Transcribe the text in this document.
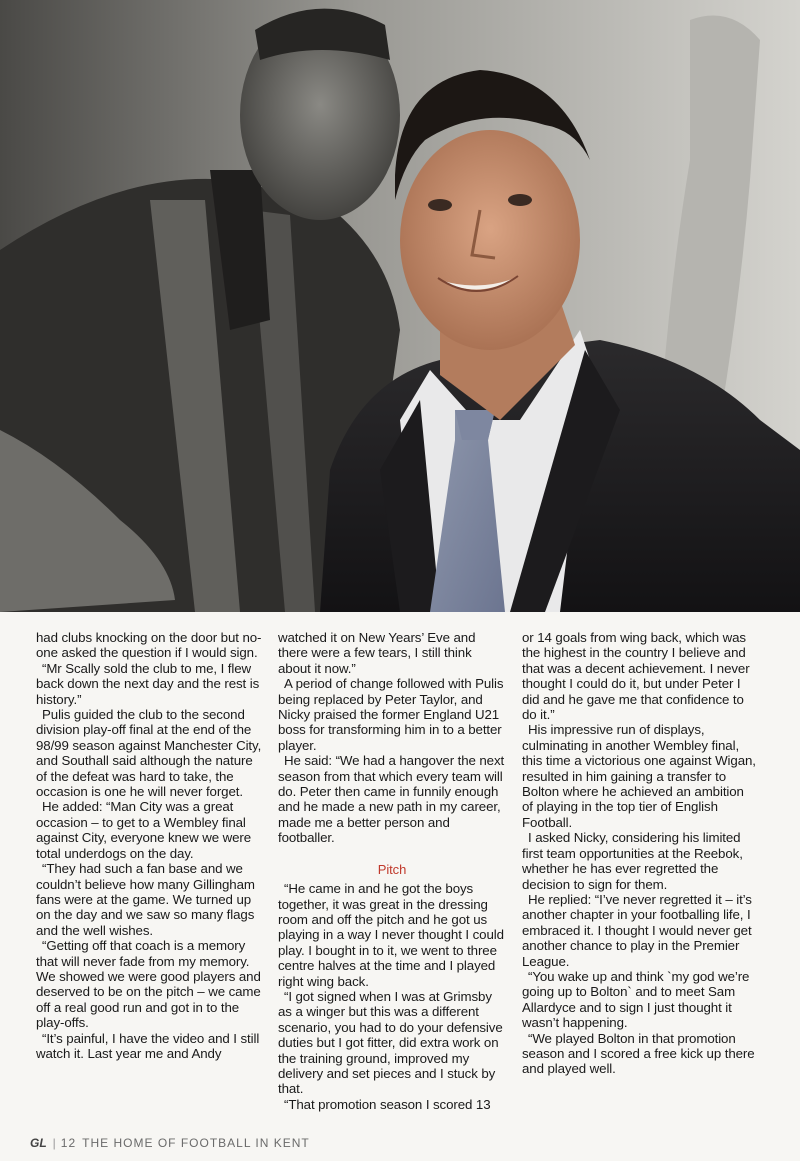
had clubs knocking on the door but no-one asked the question if I would sign.

“Mr Scally sold the club to me, I flew back down the next day and the rest is history.”

Pulis guided the club to the second division play-off final at the end of the 98/99 season against Manchester City, and Southall said although the nature of the defeat was hard to take, the occasion is one he will never forget.

He added: “Man City was a great occasion – to get to a Wembley final against City, everyone knew we were total underdogs on the day.

“They had such a fan base and we couldn’t believe how many Gillingham fans were at the game. We turned up on the day and we saw so many flags and the well wishes.

“Getting off that coach is a memory that will never fade from my memory. We showed we were good players and deserved to be on the pitch – we came off a real good run and got in to the play-offs.

“It’s painful, I have the video and I still watch it. Last year me and Andy

watched it on New Years’ Eve and there were a few tears, I still think about it now.”

A period of change followed with Pulis being replaced by Peter Taylor, and Nicky praised the former England U21 boss for transforming him in to a better player.

He said: “We had a hangover the next season from that which every team will do. Peter then came in funnily enough and he made a new path in my career, made me a better person and footballer.

Pitch

“He came in and he got the boys together, it was great in the dressing room and off the pitch and he got us playing in a way I never thought I could play. I bought in to it, we went to three centre halves at the time and I played right wing back.

“I got signed when I was at Grimsby as a winger but this was a different scenario, you had to do your defensive duties but I got fitter, did extra work on the training ground, improved my delivery and set pieces and I stuck by that.

“That promotion season I scored 13

or 14 goals from wing back, which was the highest in the country I believe and that was a decent achievement. I never thought I could do it, but under Peter I did and he gave me that confidence to do it.”

His impressive run of displays, culminating in another Wembley final, this time a victorious one against Wigan, resulted in him gaining a transfer to Bolton where he achieved an ambition of playing in the top tier of English Football.

I asked Nicky, considering his limited first team opportunities at the Reebok, whether he has ever regretted the decision to sign for them.

He replied: “I’ve never regretted it – it’s another chapter in your footballing life, I embraced it. I thought I would never get another chance to play in the Premier League.

“You wake up and think `my god we’re going up to Bolton` and to meet Sam Allardyce and to sign I just thought it wasn’t happening.

“We played Bolton in that promotion season and I scored a free kick up there and played well.

GL | 12 THE HOME OF FOOTBALL IN KENT
